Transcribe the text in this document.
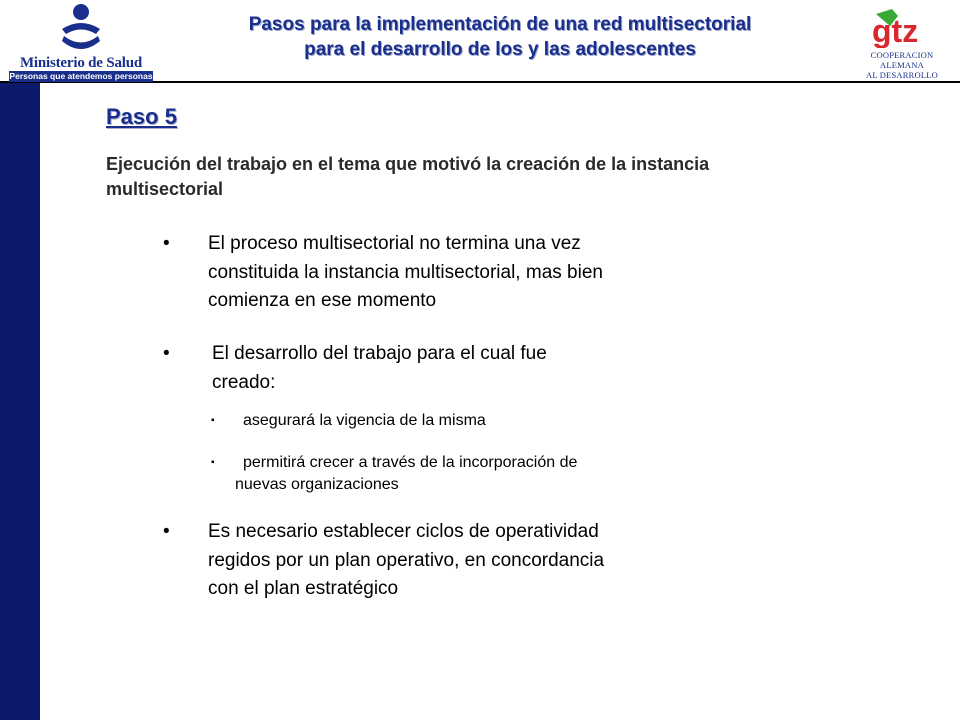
Ministerio de Salud
Personas que atendemos personas
Pasos para la implementación de una red multisectorial
para el desarrollo de los y las adolescentes
gtz
COOPERACION ALEMANA
AL DESARROLLO
Paso 5
Ejecución del trabajo en el tema que motivó la creación de la instancia multisectorial
• El proceso multisectorial no termina una vez
constituida la instancia multisectorial, mas bien
comienza en ese momento
• El desarrollo del trabajo para el cual fue
creado:
▪ asegurará la vigencia de la misma
▪ permitirá crecer a través de la incorporación de
nuevas organizaciones
• Es necesario establecer ciclos de operatividad
regidos por un plan operativo, en concordancia
con el plan estratégico
